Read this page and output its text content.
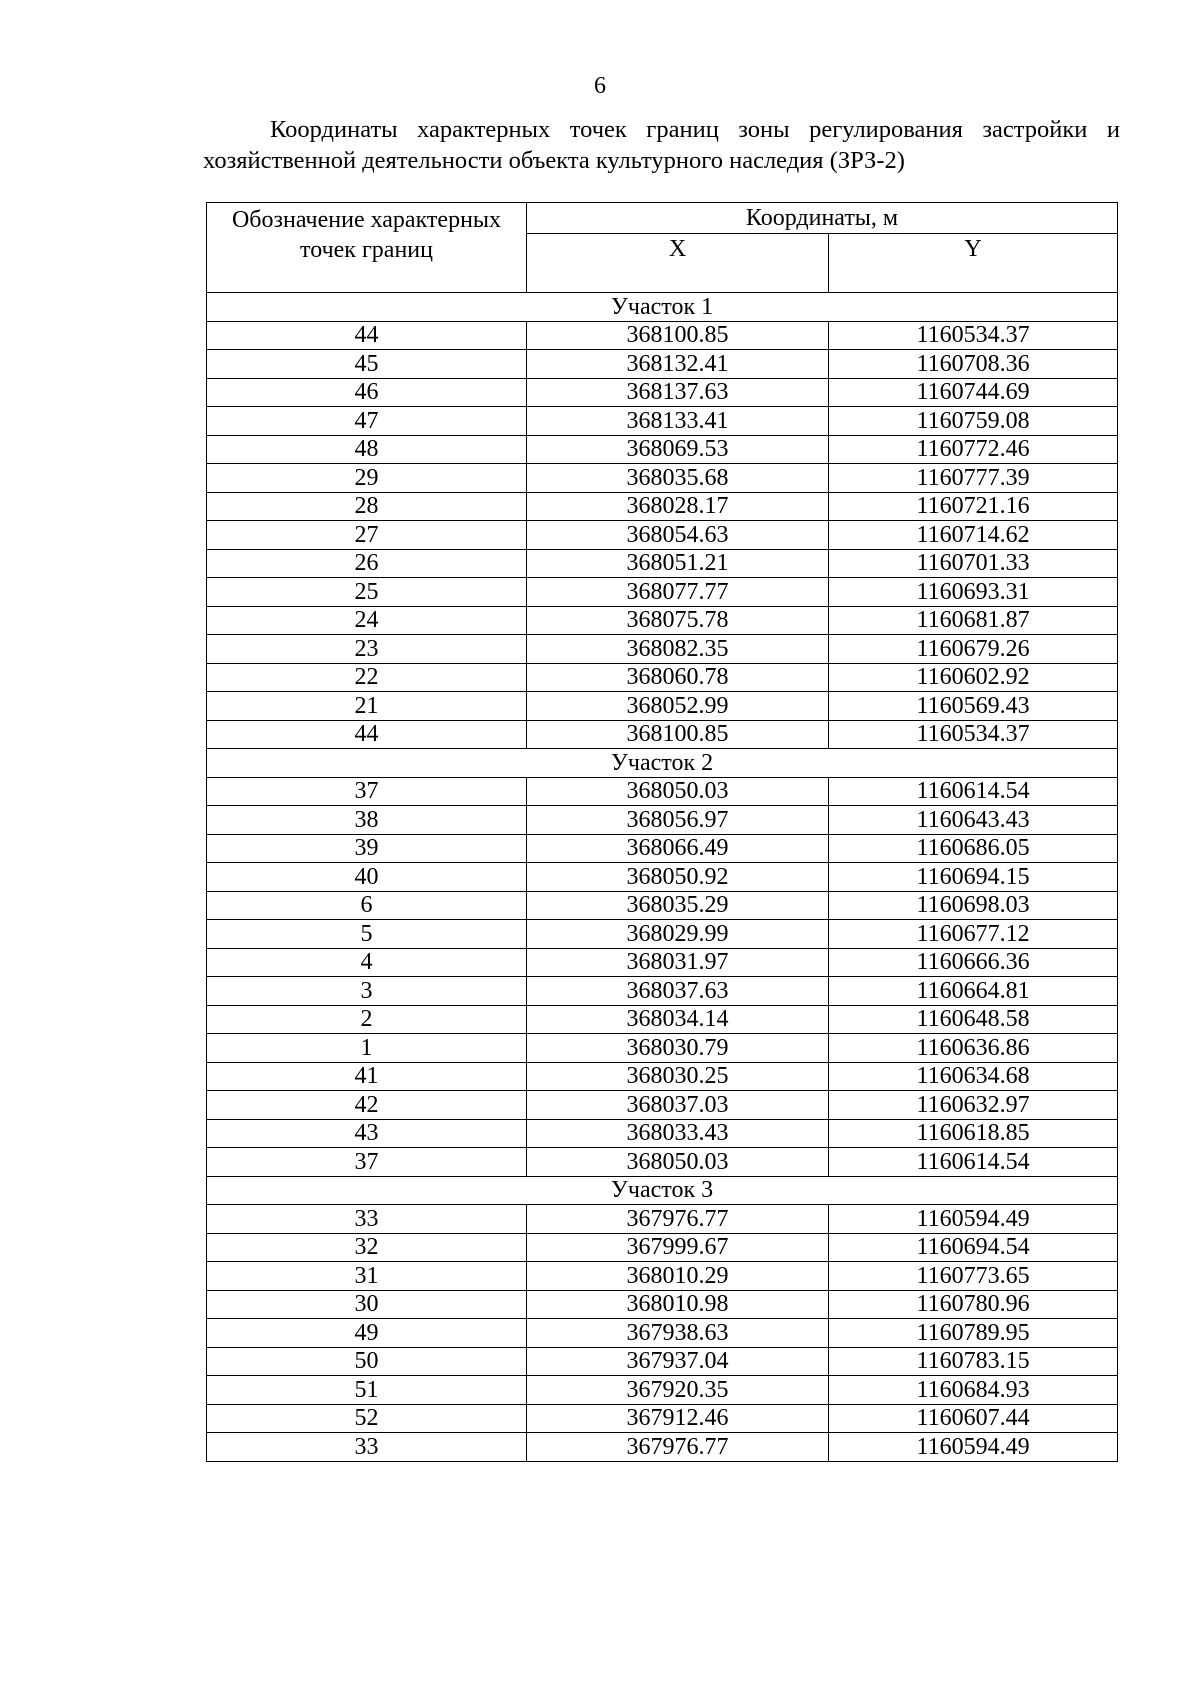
6
Координаты характерных точек границ зоны регулирования застройки и
хозяйственной деятельности объекта культурного наследия (ЗРЗ-2)
Обозначение характерных точек границ	Координаты, м	
	X	Y
Участок 1		
44	368100.85	1160534.37
45	368132.41	1160708.36
46	368137.63	1160744.69
47	368133.41	1160759.08
48	368069.53	1160772.46
29	368035.68	1160777.39
28	368028.17	1160721.16
27	368054.63	1160714.62
26	368051.21	1160701.33
25	368077.77	1160693.31
24	368075.78	1160681.87
23	368082.35	1160679.26
22	368060.78	1160602.92
21	368052.99	1160569.43
44	368100.85	1160534.37
Участок 2		
37	368050.03	1160614.54
38	368056.97	1160643.43
39	368066.49	1160686.05
40	368050.92	1160694.15
6	368035.29	1160698.03
5	368029.99	1160677.12
4	368031.97	1160666.36
3	368037.63	1160664.81
2	368034.14	1160648.58
1	368030.79	1160636.86
41	368030.25	1160634.68
42	368037.03	1160632.97
43	368033.43	1160618.85
37	368050.03	1160614.54
Участок 3		
33	367976.77	1160594.49
32	367999.67	1160694.54
31	368010.29	1160773.65
30	368010.98	1160780.96
49	367938.63	1160789.95
50	367937.04	1160783.15
51	367920.35	1160684.93
52	367912.46	1160607.44
33	367976.77	1160594.49
